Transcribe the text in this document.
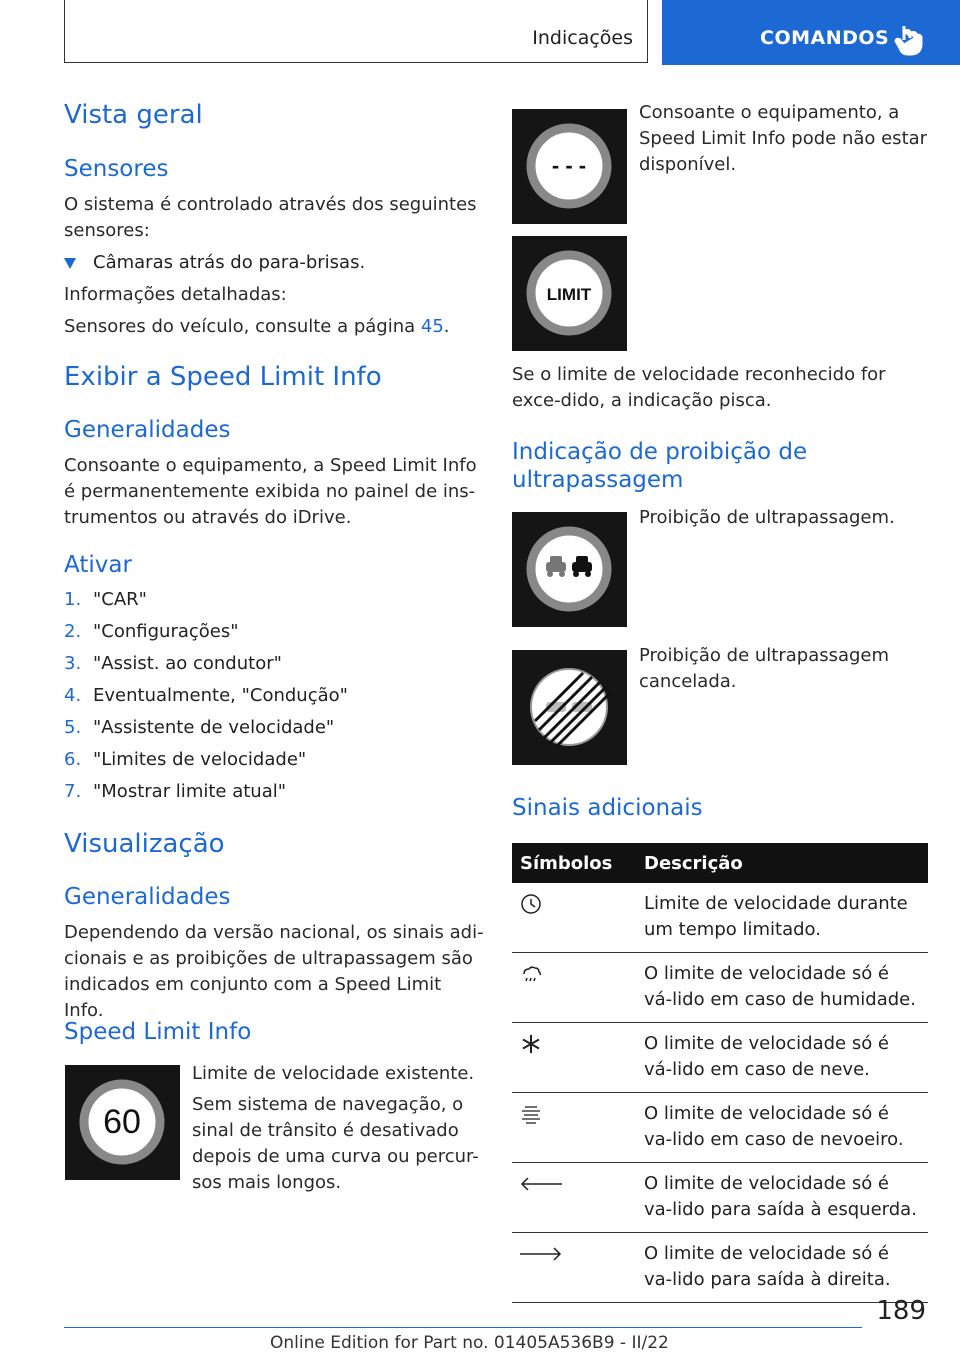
Indicações	COMANDOS
Vista geral
Sensores

O sistema é controlado através dos seguintes sensores:

Câmaras atrás do para-brisas.

Informações detalhadas:

Sensores do veículo, consulte a página 45.

Exibir a Speed Limit Info
Generalidades

Consoante o equipamento, a Speed Limit Info é permanentemente exibida no painel de ins-trumentos ou através do iDrive.

Ativar
1. "CAR"
2. "Configurações"
3. "Assist. ao condutor"
4. Eventualmente, "Condução"
5. "Assistente de velocidade"
6. "Limites de velocidade"
7. "Mostrar limite atual"
Visualização
Generalidades

Dependendo da versão nacional, os sinais adi-cionais e as proibições de ultrapassagem são indicados em conjunto com a Speed Limit Info.

Speed Limit Info
60

Limite de velocidade existente.

Sem sistema de navegação, o sinal de trânsito é desativado depois de uma curva ou percur-sos mais longos.

- - -
LIMIT

Consoante o equipamento, a Speed Limit Info pode não estar disponível.

Se o limite de velocidade reconhecido for exce-dido, a indicação pisca.

Indicação de proibição de ultrapassagem

Proibição de ultrapassagem.

Proibição de ultrapassagem cancelada.

Sinais adicionais
Símbolos	Descrição
	Limite de velocidade durante um tempo limitado.
	O limite de velocidade só é vá-lido em caso de humidade.
	O limite de velocidade só é vá-lido em caso de neve.
	O limite de velocidade só é va-lido em caso de nevoeiro.
	O limite de velocidade só é va-lido para saída à esquerda.
	O limite de velocidade só é va-lido para saída à direita.
189
Online Edition for Part no. 01405A536B9 - II/22
